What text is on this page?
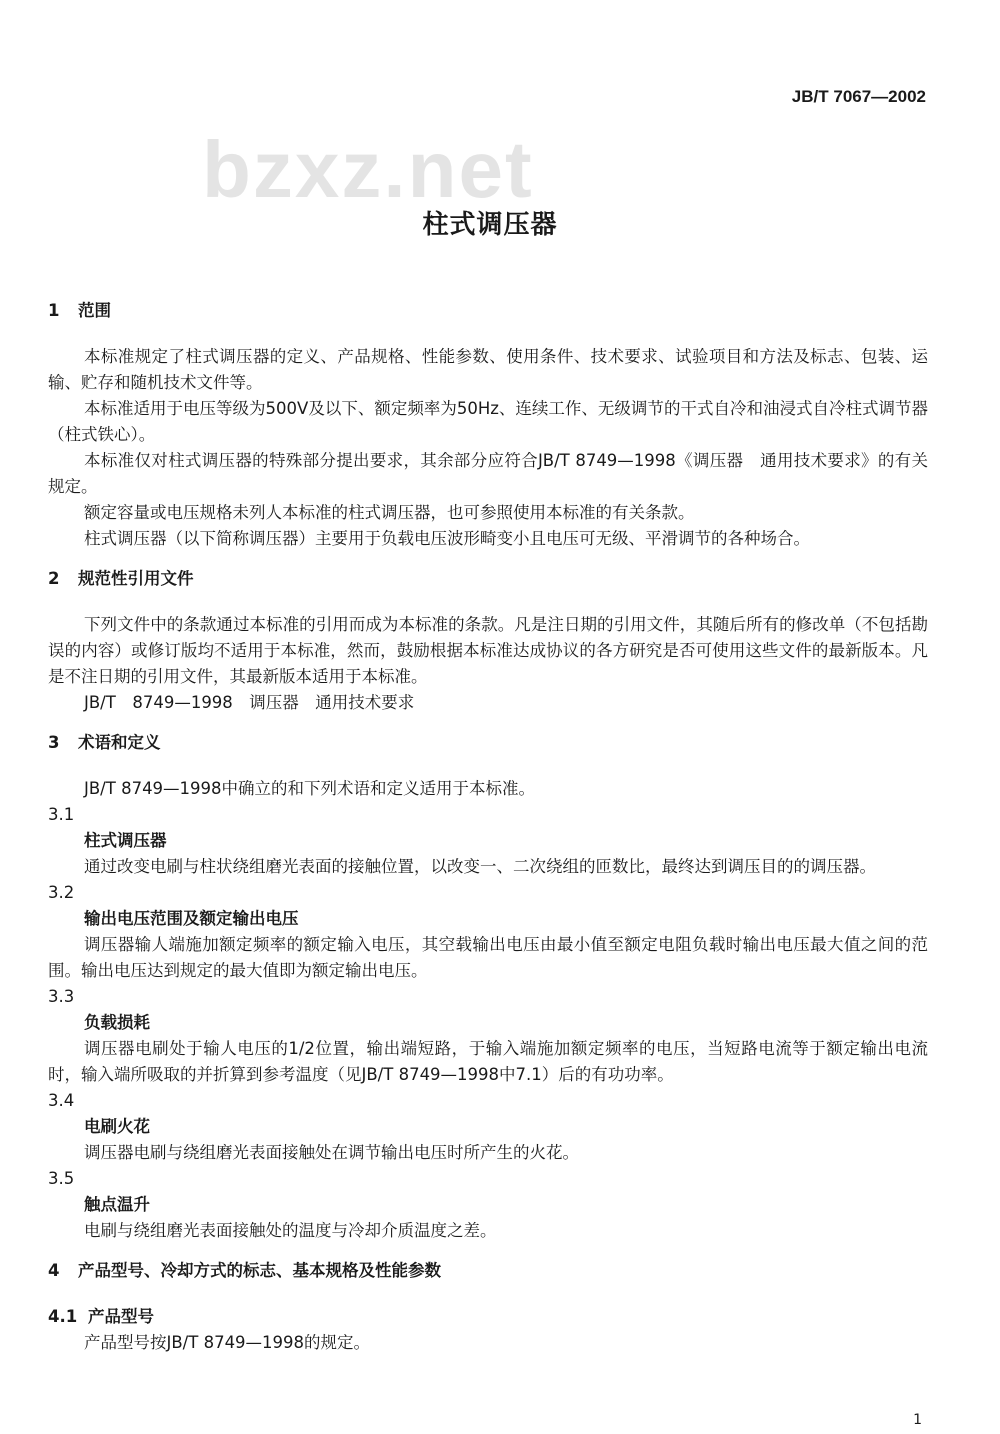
JB/T 7067—2002
bzxz.net
柱式调压器
1 范围

本标准规定了柱式调压器的定义、产品规格、性能参数、使用条件、技术要求、试验项目和方法及标志、包装、运输、贮存和随机技术文件等。

本标准适用于电压等级为500V及以下、额定频率为50Hz、连续工作、无级调节的干式自冷和油浸式自冷柱式调节器（柱式铁心）。

本标准仅对柱式调压器的特殊部分提出要求，其余部分应符合JB/T 8749—1998《调压器　通用技术要求》的有关规定。

额定容量或电压规格未列人本标准的柱式调压器，也可参照使用本标准的有关条款。

柱式调压器（以下简称调压器）主要用于负载电压波形畸变小且电压可无级、平滑调节的各种场合。

2 规范性引用文件

下列文件中的条款通过本标准的引用而成为本标准的条款。凡是注日期的引用文件，其随后所有的修改单（不包括勘误的内容）或修订版均不适用于本标准，然而，鼓励根据本标准达成协议的各方研究是否可使用这些文件的最新版本。凡是不注日期的引用文件，其最新版本适用于本标准。

JB/T　8749—1998　调压器　通用技术要求

3 术语和定义

JB/T 8749—1998中确立的和下列术语和定义适用于本标准。

3.1

柱式调压器

通过改变电刷与柱状绕组磨光表面的接触位置，以改变一、二次绕组的匝数比，最终达到调压目的的调压器。

3.2

输出电压范围及额定输出电压

调压器输人端施加额定频率的额定输入电压，其空载输出电压由最小值至额定电阻负载时输出电压最大值之间的范围。输出电压达到规定的最大值即为额定输出电压。

3.3

负载损耗

调压器电刷处于输人电压的1/2位置，输出端短路，于输入端施加额定频率的电压，当短路电流等于额定输出电流时，输入端所吸取的并折算到参考温度（见JB/T 8749—1998中7.1）后的有功功率。

3.4

电刷火花

调压器电刷与绕组磨光表面接触处在调节输出电压时所产生的火花。

3.5

触点温升

电刷与绕组磨光表面接触处的温度与冷却介质温度之差。

4 产品型号、冷却方式的标志、基本规格及性能参数
4.1 产品型号

产品型号按JB/T 8749—1998的规定。

1
